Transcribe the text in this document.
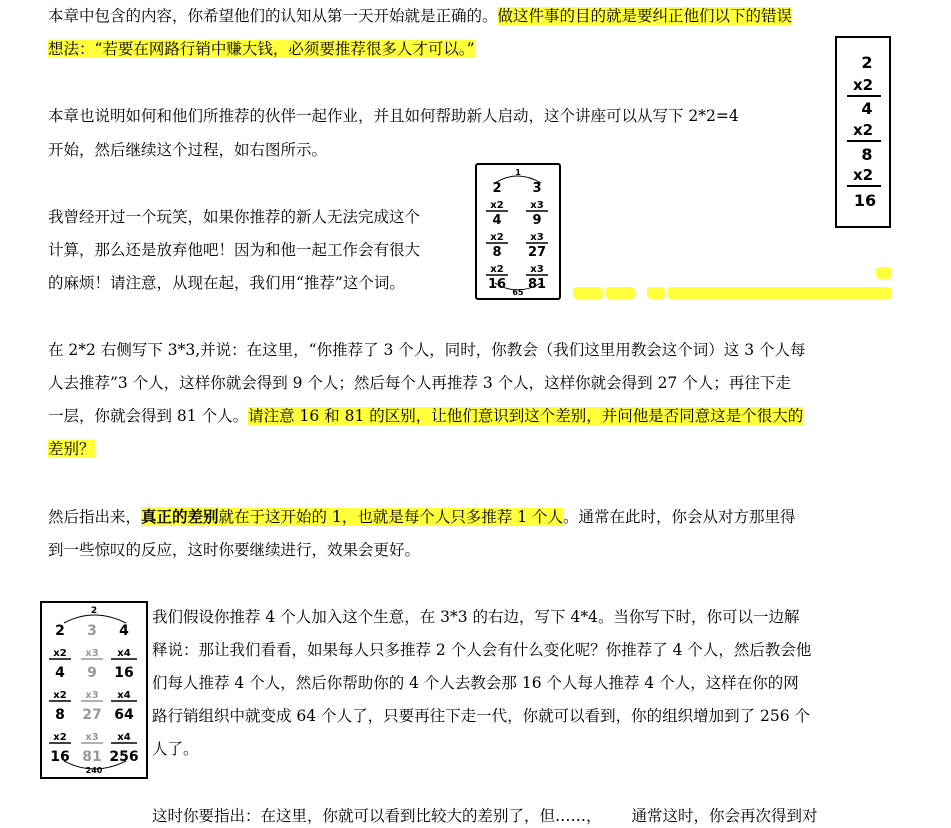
本章中包含的内容，你希望他们的认知从第一天开始就是正确的。做这件事的目的就是要纠正他们以下的错误
想法：“若要在网路行销中赚大钱，必须要推荐很多人才可以。”
2
x2
4
x2
8
x2
16
本章也说明如何和他们所推荐的伙伴一起作业，并且如何帮助新人启动，这个讲座可以从写下 2*2=4
开始，然后继续这个过程，如右图所示。
1
2
x2
4
x2
8
x2
16
3
x3
9
x3
27
x3
81
65
我曾经开过一个玩笑，如果你推荐的新人无法完成这个
计算，那么还是放弃他吧！因为和他一起工作会有很大
的麻烦！请注意，从现在起，我们用“推荐”这个词。
在 2*2 右侧写下 3*3,并说：在这里，“你推荐了 3 个人，同时，你教会（我们这里用教会这个词）这 3 个人每
人去推荐”3 个人，这样你就会得到 9 个人；然后每个人再推荐 3 个人，这样你就会得到 27 个人；再往下走
一层，你就会得到 81 个人。请注意 16 和 81 的区别，让他们意识到这个差别，并问他是否同意这是个很大的
差别？
然后指出来，真正的差别就在于这开始的 1，也就是每个人只多推荐 1 个人。通常在此时，你会从对方那里得
到一些惊叹的反应，这时你要继续进行，效果会更好。
2
2
x2
4
x2
8
x2
16
3
x3
9
x3
27
x3
81
4
x4
16
x4
64
x4
256
240
我们假设你推荐 4 个人加入这个生意，在 3*3 的右边，写下 4*4。当你写下时，你可以一边解
释说：那让我们看看，如果每人只多推荐 2 个人会有什么变化呢？你推荐了 4 个人，然后教会他
们每人推荐 4 个人，然后你帮助你的 4 个人去教会那 16 个人每人推荐 4 个人，这样在你的网
路行销组织中就变成 64 个人了，只要再往下走一代，你就可以看到，你的组织增加到了 256 个
人了。
这时你要指出：在这里，你就可以看到比较大的差别了，但……， 通常这时，你会再次得到对
